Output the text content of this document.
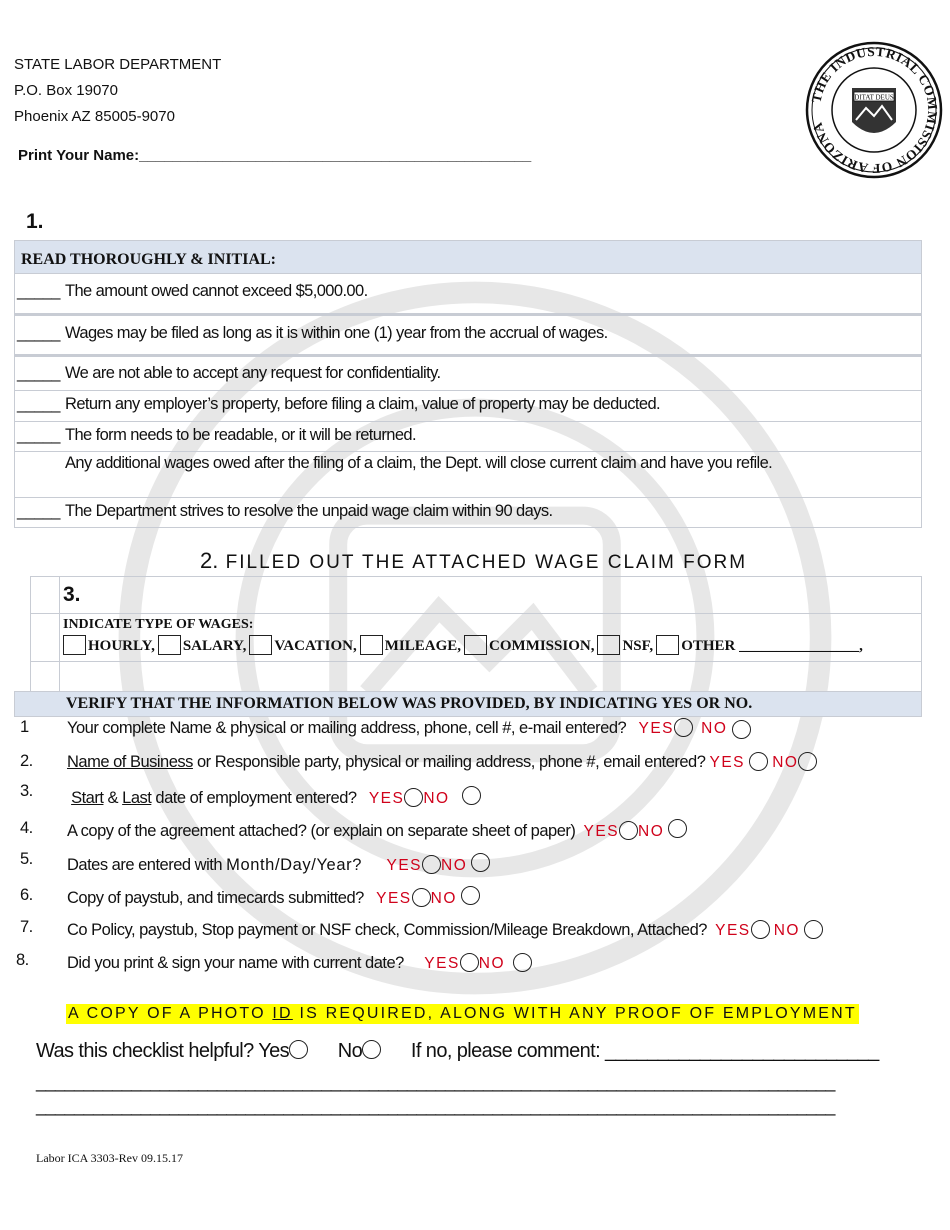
STATE LABOR DEPARTMENT
P.O. Box 19070
Phoenix AZ 85005-9070
Print Your Name:_______________________________________________
THE INDUSTRIAL COMMISSION OF ARIZONA
DITAT DEUS
1.
READ THOROUGHLY & INITIAL:
_____ The amount owed cannot exceed $5,000.00.
_____ Wages may be filed as long as it is within one (1) year from the accrual of wages.
_____ We are not able to accept any request for confidentiality.
_____ Return any employer’s property, before filing a claim, value of property may be deducted.
_____ The form needs to be readable, or it will be returned.
Any additional wages owed after the filing of a claim, the Dept. will close current claim and have you refile.
_____ The Department strives to resolve the unpaid wage claim within 90 days.
2. FILLED OUT THE ATTACHED WAGE CLAIM FORM
3.
INDICATE TYPE OF WAGES:
HOURLY, SALARY, VACATION, MILEAGE, COMMISSION, NSF, OTHER ________________,
VERIFY THAT THE INFORMATION BELOW WAS PROVIDED, BY INDICATING YES OR NO.
1	Your complete Name & physical or mailing address, phone, cell #, e-mail entered? YES NO
2.	Name of Business or Responsible party, physical or mailing address, phone #, email entered? YES NO
3.	Start & Last date of employment entered? YES NO
4.	A copy of the agreement attached? (or explain on separate sheet of paper) YES NO
5.	Dates are entered with Month/Day/Year? YES NO
6.	Copy of paystub, and timecards submitted? YES NO
7.	Co Policy, paystub, Stop payment or NSF check, Commission/Mileage Breakdown, Attached? YES NO
8.	Did you print & sign your name with current date? YES NO
A COPY OF A PHOTO ID IS REQUIRED, ALONG WITH ANY PROOF OF EMPLOYMENT
Was this checklist helpful? Yes No If no, please comment: __________________________
____________________________________________________________________________________
____________________________________________________________________________________
Labor ICA 3303-Rev 09.15.17
